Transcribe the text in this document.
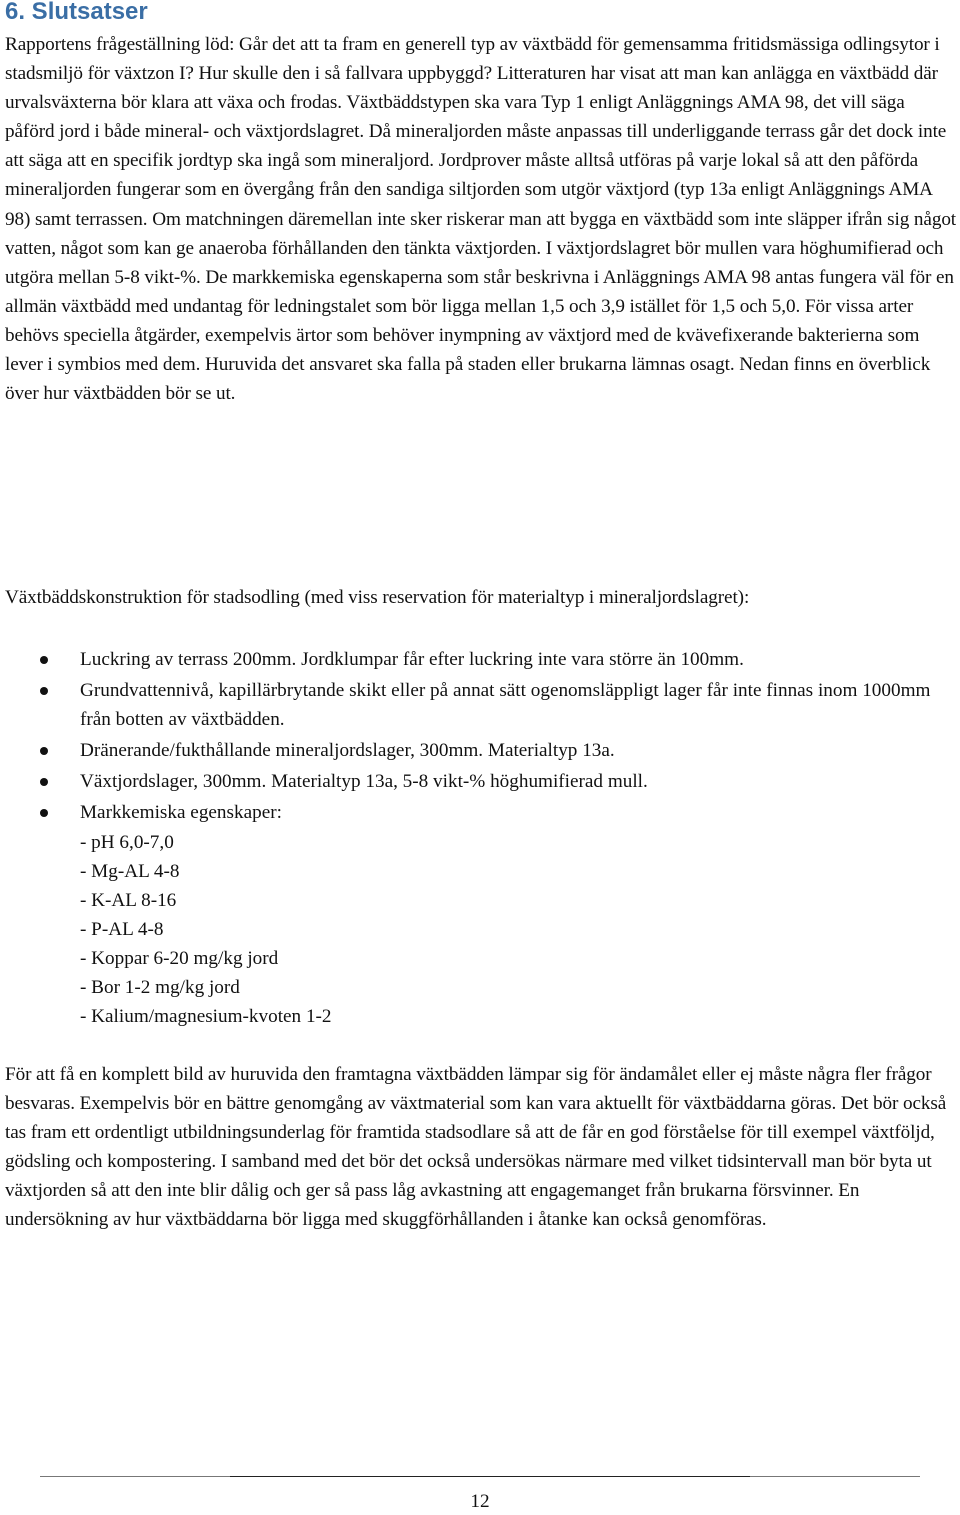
6. Slutsatser

Rapportens frågeställning löd: Går det att ta fram en generell typ av växtbädd för gemensamma fritidsmässiga odlingsytor i stadsmiljö för växtzon I? Hur skulle den i så fallvara uppbyggd? Litteraturen har visat att man kan anlägga en växtbädd där urvalsväxterna bör klara att växa och frodas. Växtbäddstypen ska vara Typ 1 enligt Anläggnings AMA 98, det vill säga påförd jord i både mineral- och växtjordslagret. Då mineraljorden måste anpassas till underliggande terrass går det dock inte att säga att en specifik jordtyp ska ingå som mineraljord. Jordprover måste alltså utföras på varje lokal så att den påförda mineraljorden fungerar som en övergång från den sandiga siltjorden som utgör växtjord (typ 13a enligt Anläggnings AMA 98) samt terrassen. Om matchningen däremellan inte sker riskerar man att bygga en växtbädd som inte släpper ifrån sig något vatten, något som kan ge anaeroba förhållanden den tänkta växtjorden. I växtjordslagret bör mullen vara höghumifierad och utgöra mellan 5-8 vikt-%. De markkemiska egenskaperna som står beskrivna i Anläggnings AMA 98 antas fungera väl för en allmän växtbädd med undantag för ledningstalet som bör ligga mellan 1,5 och 3,9 istället för 1,5 och 5,0. För vissa arter behövs speciella åtgärder, exempelvis ärtor som behöver inympning av växtjord med de kvävefixerande bakterierna som lever i symbios med dem. Huruvida det ansvaret ska falla på staden eller brukarna lämnas osagt. Nedan finns en överblick över hur växtbädden bör se ut.

Växtbäddskonstruktion för stadsodling (med viss reservation för materialtyp i mineraljordslagret):

Luckring av terrass 200mm. Jordklumpar får efter luckring inte vara större än 100mm.
Grundvattennivå, kapillärbrytande skikt eller på annat sätt ogenomsläppligt lager får inte finnas inom 1000mm från botten av växtbädden.
Dränerande/fukthållande mineraljordslager, 300mm. Materialtyp 13a.
Växtjordslager, 300mm. Materialtyp 13a, 5-8 vikt-% höghumifierad mull.
Markkemiska egenskaper:
- pH 6,0-7,0
- Mg-AL 4-8
- K-AL 8-16
- P-AL 4-8
- Koppar 6-20 mg/kg jord
- Bor 1-2 mg/kg jord
- Kalium/magnesium-kvoten 1-2

För att få en komplett bild av huruvida den framtagna växtbädden lämpar sig för ändamålet eller ej måste några fler frågor besvaras. Exempelvis bör en bättre genomgång av växtmaterial som kan vara aktuellt för växtbäddarna göras. Det bör också tas fram ett ordentligt utbildningsunderlag för framtida stadsodlare så att de får en god förståelse för till exempel växtföljd, gödsling och kompostering. I samband med det bör det också undersökas närmare med vilket tidsintervall man bör byta ut växtjorden så att den inte blir dålig och ger så pass låg avkastning att engagemanget från brukarna försvinner. En undersökning av hur växtbäddarna bör ligga med skuggförhållanden i åtanke kan också genomföras.

12
